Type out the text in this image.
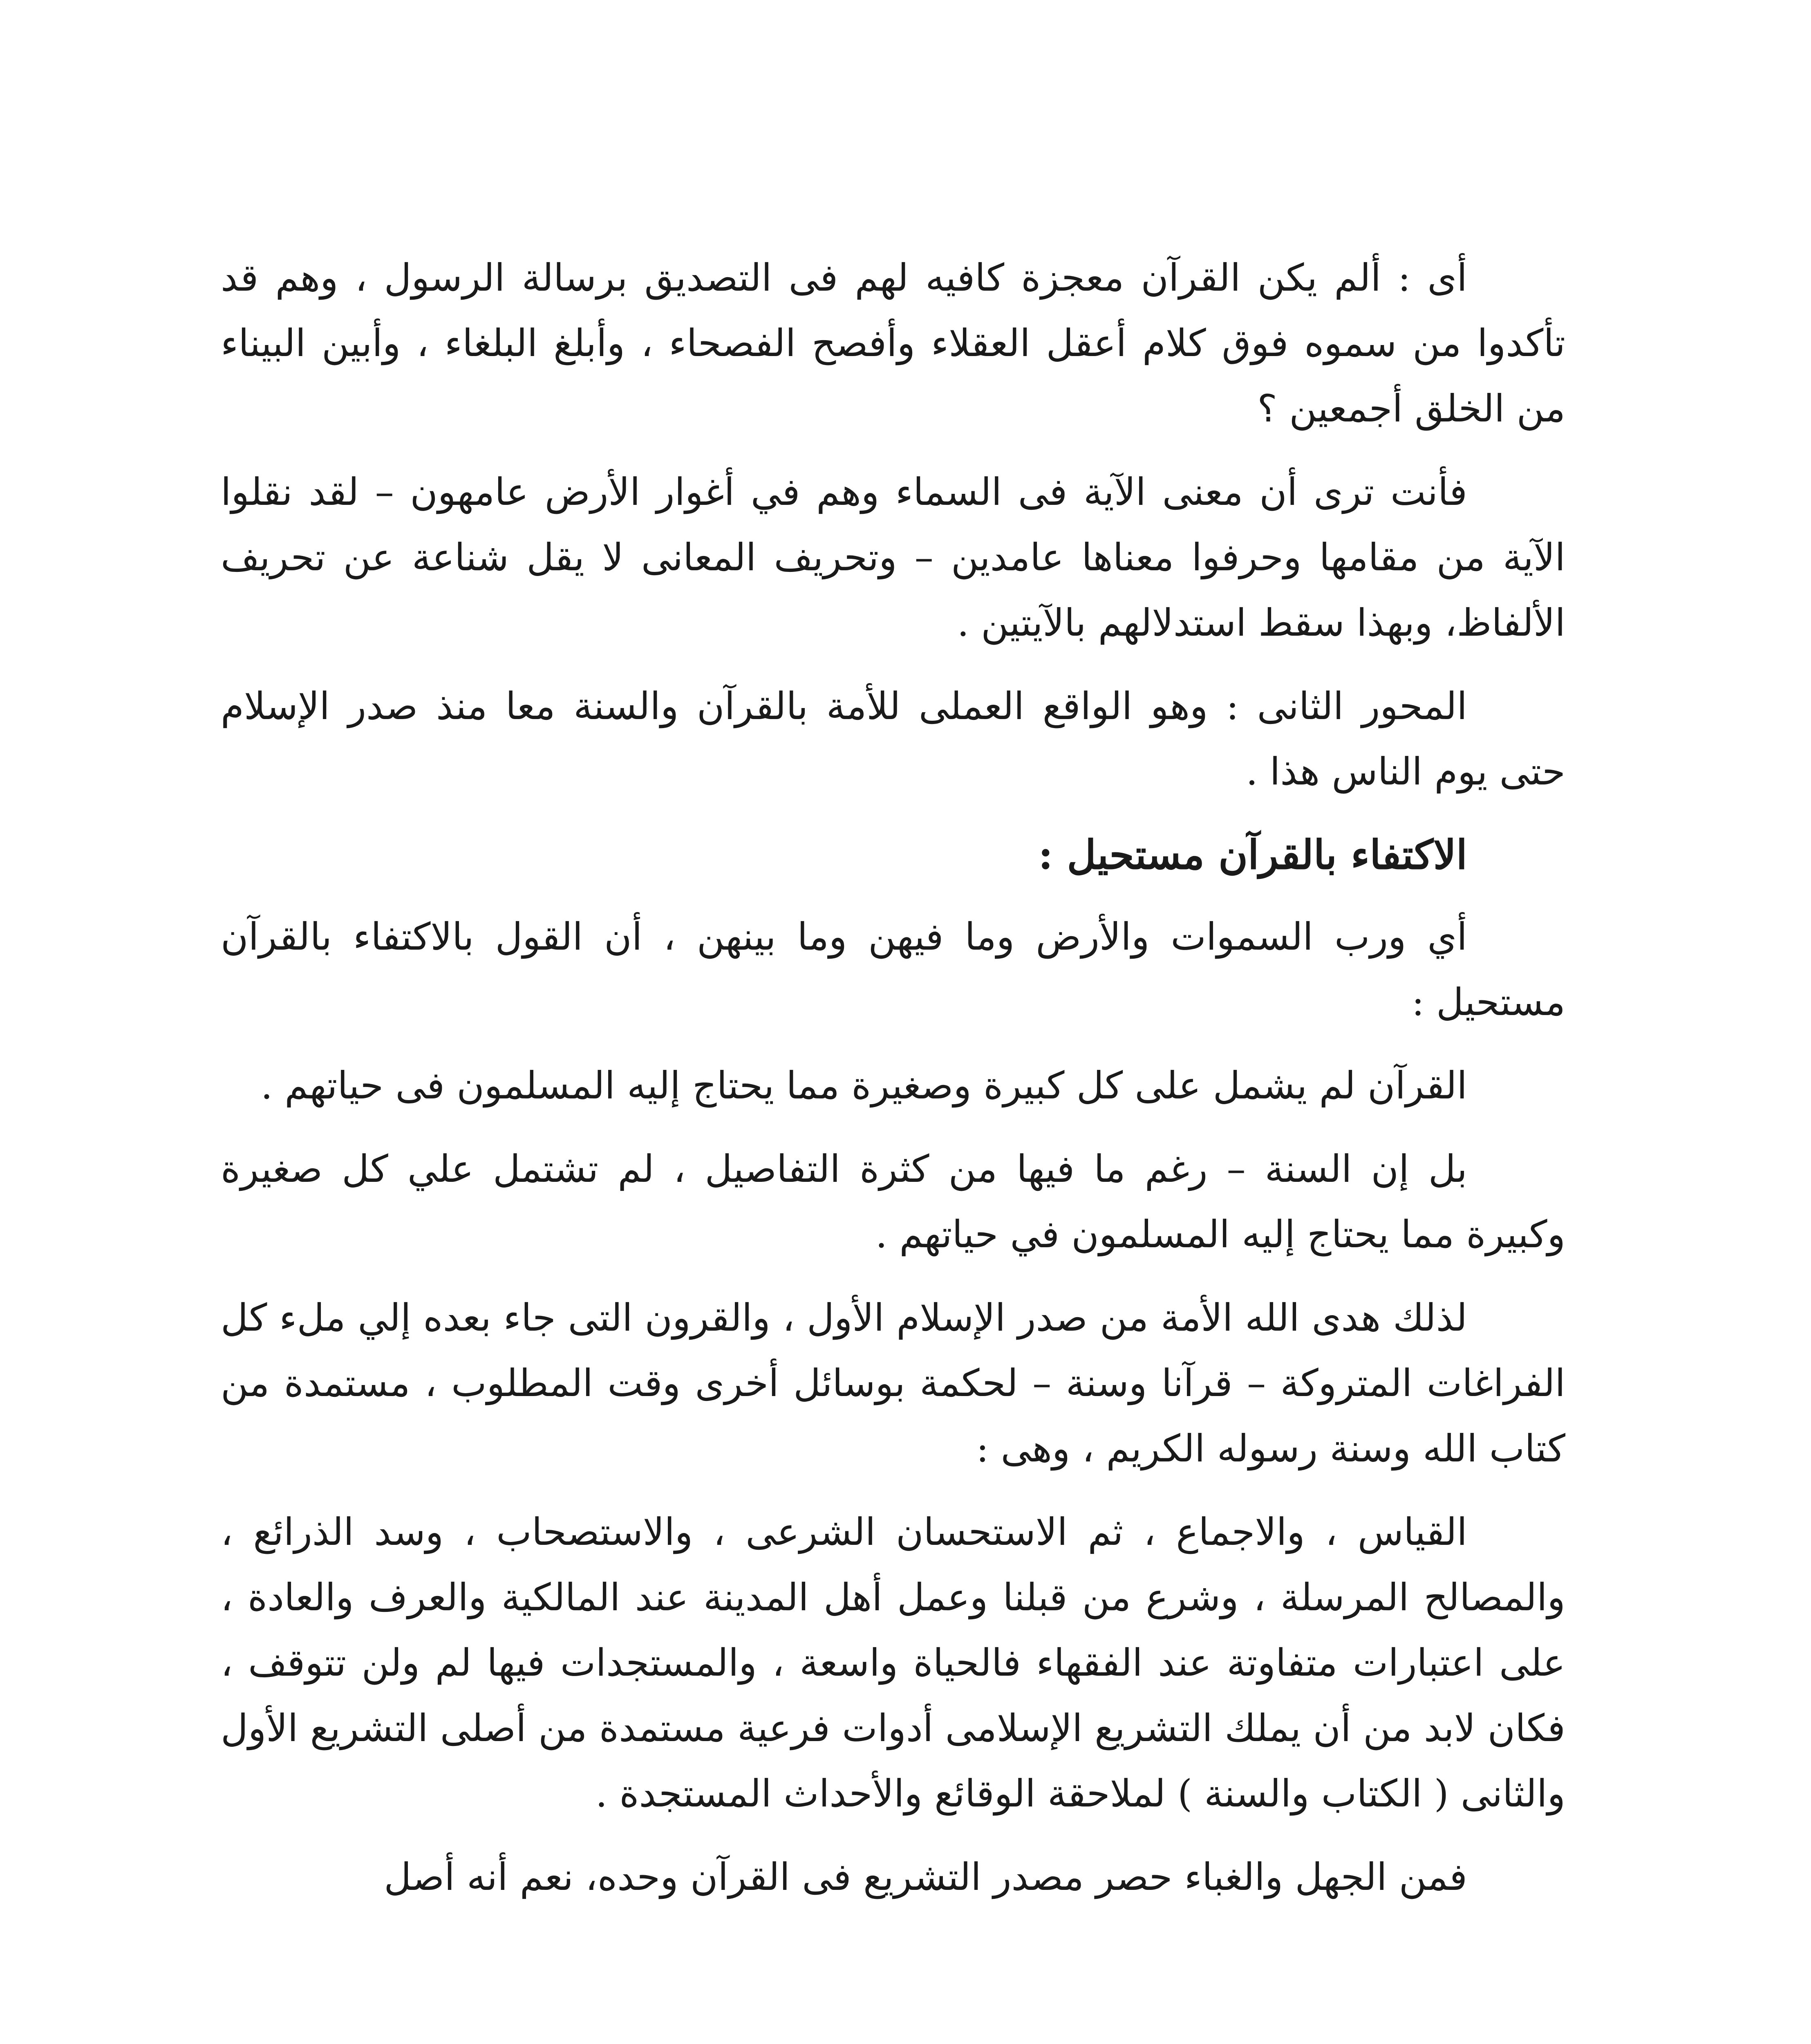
أى : ألم يكن القرآن معجزة كافيه لهم فى التصديق برسالة الرسول ، وهم قد تأكدوا من سموه فوق كلام أعقل العقلاء وأفصح الفصحاء ، وأبلغ البلغاء ، وأبين البيناء من الخلق أجمعين ؟

فأنت ترى أن معنى الآية فى السماء وهم في أغوار الأرض عامهون – لقد نقلوا الآية من مقامها وحرفوا معناها عامدين – وتحريف المعانى لا يقل شناعة عن تحريف الألفاظ، وبهذا سقط استدلالهم بالآيتين .

المحور الثانى : وهو الواقع العملى للأمة بالقرآن والسنة معا منذ صدر الإسلام حتى يوم الناس هذا .

الاكتفاء بالقرآن مستحيل :

أي ورب السموات والأرض وما فيهن وما بينهن ، أن القول بالاكتفاء بالقرآن مستحيل :

القرآن لم يشمل على كل كبيرة وصغيرة مما يحتاج إليه المسلمون فى حياتهم .

بل إن السنة – رغم ما فيها من كثرة التفاصيل ، لم تشتمل علي كل صغيرة وكبيرة مما يحتاج إليه المسلمون في حياتهم .

لذلك هدى الله الأمة من صدر الإسلام الأول ، والقرون التى جاء بعده إلي ملء كل الفراغات المتروكة – قرآنا وسنة – لحكمة بوسائل أخرى وقت المطلوب ، مستمدة من كتاب الله وسنة رسوله الكريم ، وهى :

القياس ، والاجماع ، ثم الاستحسان الشرعى ، والاستصحاب ، وسد الذرائع ، والمصالح المرسلة ، وشرع من قبلنا وعمل أهل المدينة عند المالكية والعرف والعادة ، على اعتبارات متفاوتة عند الفقهاء فالحياة واسعة ، والمستجدات فيها لم ولن تتوقف ، فكان لابد من أن يملك التشريع الإسلامى أدوات فرعية مستمدة من أصلى التشريع الأول والثانى ( الكتاب والسنة ) لملاحقة الوقائع والأحداث المستجدة .

فمن الجهل والغباء حصر مصدر التشريع فى القرآن وحده، نعم أنه أصل
